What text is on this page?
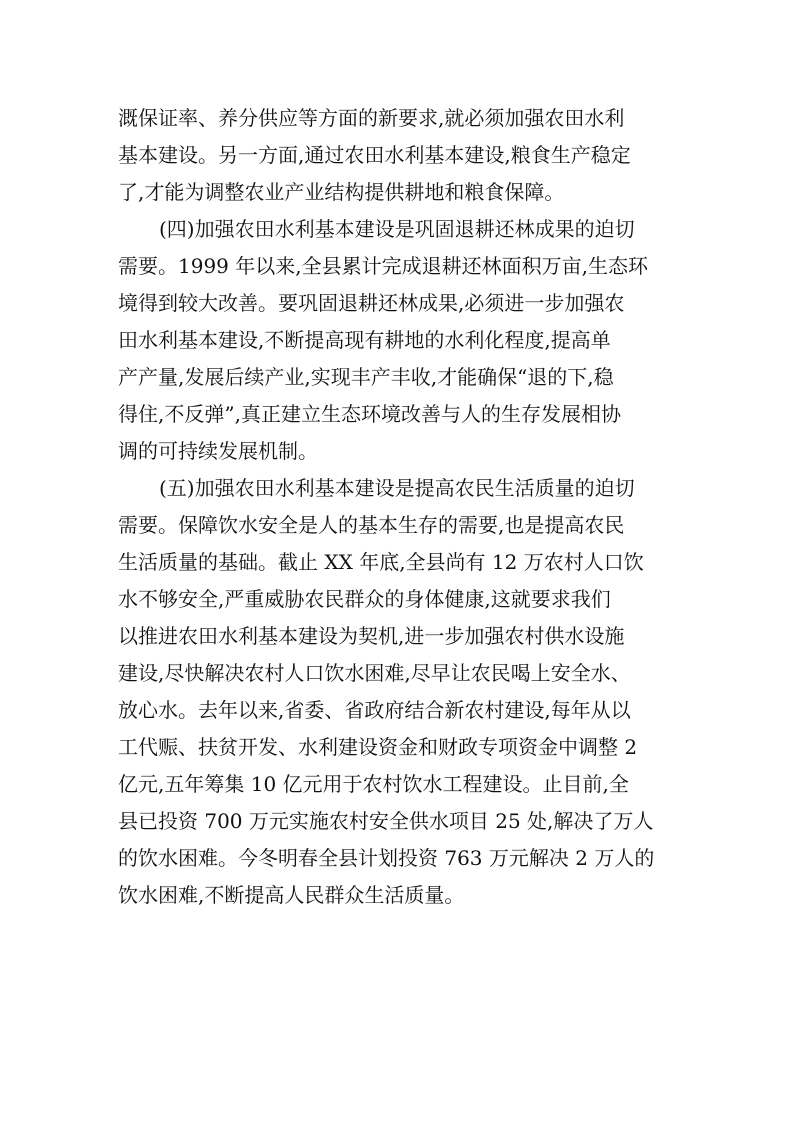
溉保证率、养分供应等方面的新要求,就必须加强农田水利
基本建设。另一方面,通过农田水利基本建设,粮食生产稳定
了,才能为调整农业产业结构提供耕地和粮食保障。
(四)加强农田水利基本建设是巩固退耕还林成果的迫切
需要。1999 年以来,全县累计完成退耕还林面积万亩,生态环
境得到较大改善。要巩固退耕还林成果,必须进一步加强农
田水利基本建设,不断提高现有耕地的水利化程度,提高单
产产量,发展后续产业,实现丰产丰收,才能确保“退的下,稳
得住,不反弹”,真正建立生态环境改善与人的生存发展相协
调的可持续发展机制。
(五)加强农田水利基本建设是提高农民生活质量的迫切
需要。保障饮水安全是人的基本生存的需要,也是提高农民
生活质量的基础。截止 XX 年底,全县尚有 12 万农村人口饮
水不够安全,严重威胁农民群众的身体健康,这就要求我们
以推进农田水利基本建设为契机,进一步加强农村供水设施
建设,尽快解决农村人口饮水困难,尽早让农民喝上安全水、
放心水。去年以来,省委、省政府结合新农村建设,每年从以
工代赈、扶贫开发、水利建设资金和财政专项资金中调整 2
亿元,五年筹集 10 亿元用于农村饮水工程建设。止目前,全
县已投资 700 万元实施农村安全供水项目 25 处,解决了万人
的饮水困难。今冬明春全县计划投资 763 万元解决 2 万人的
饮水困难,不断提高人民群众生活质量。
